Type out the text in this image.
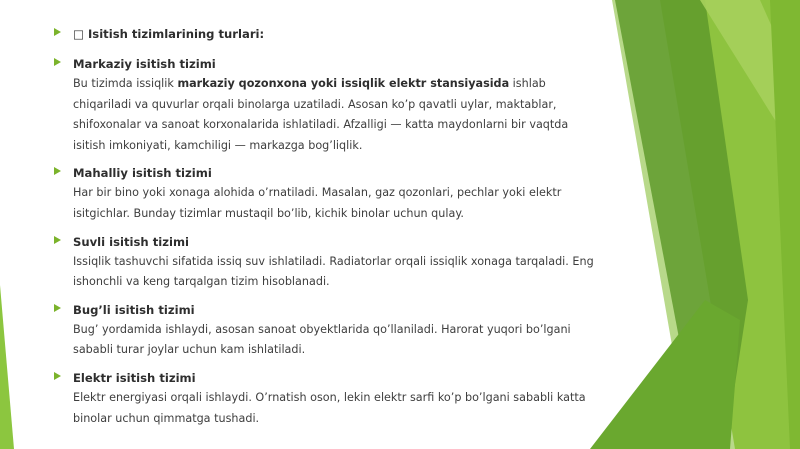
□ Isitish tizimlarining turlari:
Markaziy isitish tizimi
Bu tizimda issiqlik markaziy qozonxona yoki issiqlik elektr stansiyasida ishlab chiqariladi va quvurlar orqali binolarga uzatiladi. Asosan ko’p qavatli uylar, maktablar, shifoxonalar va sanoat korxonalarida ishlatiladi. Afzalligi — katta maydonlarni bir vaqtda isitish imkoniyati, kamchiligi — markazga bog’liqlik.
Mahalliy isitish tizimi
Har bir bino yoki xonaga alohida o’rnatiladi. Masalan, gaz qozonlari, pechlar yoki elektr isitgichlar. Bunday tizimlar mustaqil bo’lib, kichik binolar uchun qulay.
Suvli isitish tizimi
Issiqlik tashuvchi sifatida issiq suv ishlatiladi. Radiatorlar orqali issiqlik xonaga tarqaladi. Eng ishonchli va keng tarqalgan tizim hisoblanadi.
Bug’li isitish tizimi
Bug’ yordamida ishlaydi, asosan sanoat obyektlarida qo’llaniladi. Harorat yuqori bo’lgani sababli turar joylar uchun kam ishlatiladi.
Elektr isitish tizimi
Elektr energiyasi orqali ishlaydi. O’rnatish oson, lekin elektr sarfi ko’p bo’lgani sababli katta binolar uchun qimmatga tushadi.
